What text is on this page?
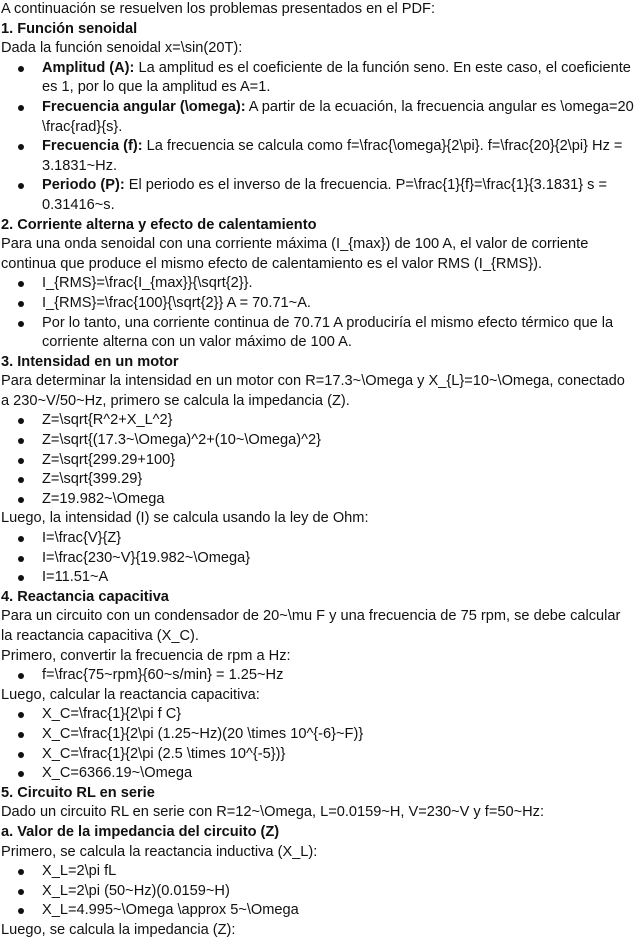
A continuación se resuelven los problemas presentados en el PDF:

1. Función senoidal

Dada la función senoidal x=\sin(20T):

Amplitud (A): La amplitud es el coeficiente de la función seno. En este caso, el coeficiente es 1, por lo que la amplitud es A=1.
Frecuencia angular (\omega): A partir de la ecuación, la frecuencia angular es \omega=20 \frac{rad}{s}.
Frecuencia (f): La frecuencia se calcula como f=\frac{\omega}{2\pi}. f=\frac{20}{2\pi} Hz = 3.1831~Hz.
Periodo (P): El periodo es el inverso de la frecuencia. P=\frac{1}{f}=\frac{1}{3.1831} s = 0.31416~s.

2. Corriente alterna y efecto de calentamiento

Para una onda senoidal con una corriente máxima (I_{max}) de 100 A, el valor de corriente continua que produce el mismo efecto de calentamiento es el valor RMS (I_{RMS}).

I_{RMS}=\frac{I_{max}}{\sqrt{2}}.
I_{RMS}=\frac{100}{\sqrt{2}} A = 70.71~A.
Por lo tanto, una corriente continua de 70.71 A produciría el mismo efecto térmico que la corriente alterna con un valor máximo de 100 A.

3. Intensidad en un motor

Para determinar la intensidad en un motor con R=17.3~\Omega y X_{L}=10~\Omega, conectado a 230~V/50~Hz, primero se calcula la impedancia (Z).

Z=\sqrt{R^2+X_L^2}
Z=\sqrt{(17.3~\Omega)^2+(10~\Omega)^2}
Z=\sqrt{299.29+100}
Z=\sqrt{399.29}
Z=19.982~\Omega

Luego, la intensidad (I) se calcula usando la ley de Ohm:

I=\frac{V}{Z}
I=\frac{230~V}{19.982~\Omega}
I=11.51~A

4. Reactancia capacitiva

Para un circuito con un condensador de 20~\mu F y una frecuencia de 75 rpm, se debe calcular la reactancia capacitiva (X_C).

Primero, convertir la frecuencia de rpm a Hz:

f=\frac{75~rpm}{60~s/min} = 1.25~Hz

Luego, calcular la reactancia capacitiva:

X_C=\frac{1}{2\pi f C}
X_C=\frac{1}{2\pi (1.25~Hz)(20 \times 10^{-6}~F)}
X_C=\frac{1}{2\pi (2.5 \times 10^{-5})}
X_C=6366.19~\Omega

5. Circuito RL en serie

Dado un circuito RL en serie con R=12~\Omega, L=0.0159~H, V=230~V y f=50~Hz:

a. Valor de la impedancia del circuito (Z)

Primero, se calcula la reactancia inductiva (X_L):

X_L=2\pi fL
X_L=2\pi (50~Hz)(0.0159~H)
X_L=4.995~\Omega \approx 5~\Omega

Luego, se calcula la impedancia (Z):
